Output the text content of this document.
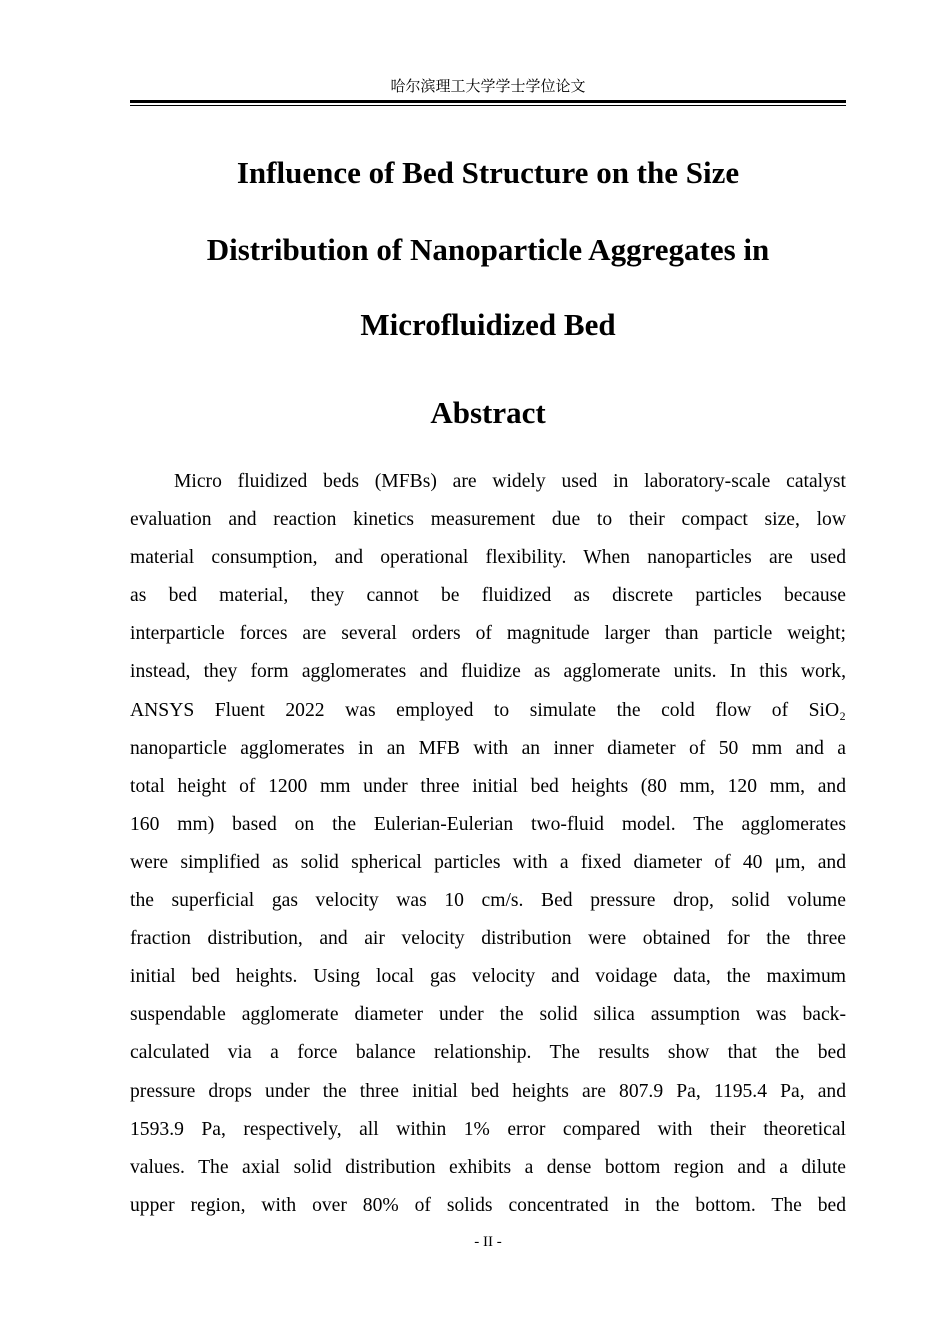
哈尔滨理工大学学士学位论文
Influence of Bed Structure on the Size
Distribution of Nanoparticle Aggregates in
Microfluidized Bed
Abstract
Micro fluidized beds (MFBs) are widely used in laboratory-scale catalyst
evaluation and reaction kinetics measurement due to their compact size, low
material consumption, and operational flexibility. When nanoparticles are used
as bed material, they cannot be fluidized as discrete particles because
interparticle forces are several orders of magnitude larger than particle weight;
instead, they form agglomerates and fluidize as agglomerate units. In this work,
ANSYS Fluent 2022 was employed to simulate the cold flow of SiO₂
nanoparticle agglomerates in an MFB with an inner diameter of 50 mm and a
total height of 1200 mm under three initial bed heights (80 mm, 120 mm, and
160 mm) based on the Eulerian-Eulerian two-fluid model. The agglomerates
were simplified as solid spherical particles with a fixed diameter of 40 μm, and
the superficial gas velocity was 10 cm/s. Bed pressure drop, solid volume
fraction distribution, and air velocity distribution were obtained for the three
initial bed heights. Using local gas velocity and voidage data, the maximum
suspendable agglomerate diameter under the solid silica assumption was back-
calculated via a force balance relationship. The results show that the bed
pressure drops under the three initial bed heights are 807.9 Pa, 1195.4 Pa, and
1593.9 Pa, respectively, all within 1% error compared with their theoretical
values. The axial solid distribution exhibits a dense bottom region and a dilute
upper region, with over 80% of solids concentrated in the bottom. The bed
- II -
